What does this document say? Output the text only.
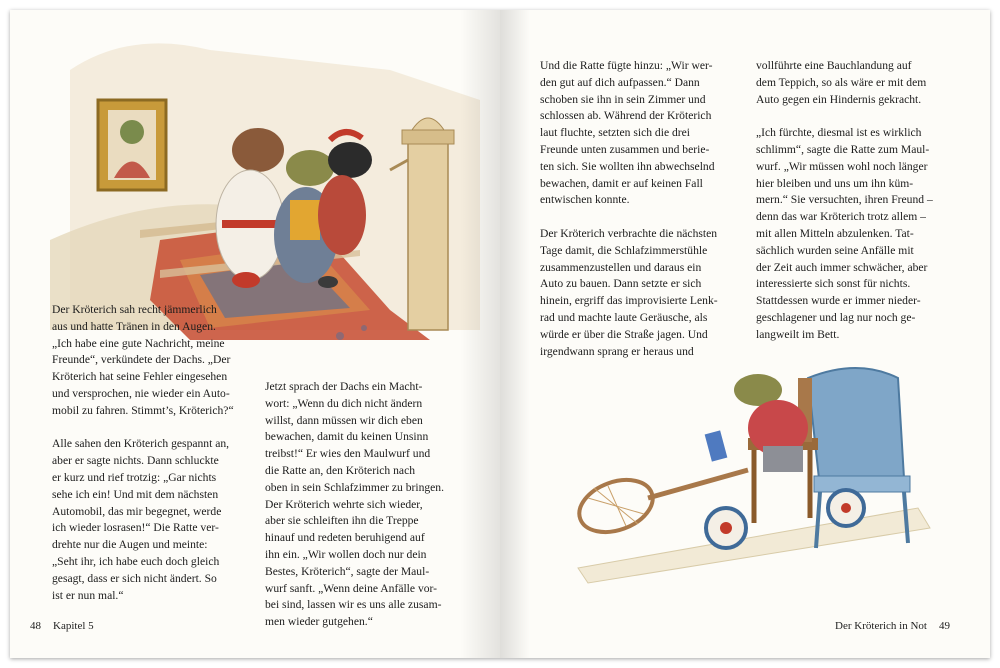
Der Kröterich sah recht jämmerlich
aus und hatte Tränen in den Augen.
„Ich habe eine gute Nachricht, meine
Freunde“, verkündete der Dachs. „Der
Kröterich hat seine Fehler eingesehen
und versprochen, nie wieder ein Auto-
mobil zu fahren. Stimmt’s, Kröterich?“

Alle sahen den Kröterich gespannt an,
aber er sagte nichts. Dann schluckte
er kurz und rief trotzig: „Gar nichts
sehe ich ein! Und mit dem nächsten
Automobil, das mir begegnet, werde
ich wieder losrasen!“ Die Ratte ver-
drehte nur die Augen und meinte:
„Seht ihr, ich habe euch doch gleich
gesagt, dass er sich nicht ändert. So
ist er nun mal.“

Jetzt sprach der Dachs ein Macht-
wort: „Wenn du dich nicht ändern
willst, dann müssen wir dich eben
bewachen, damit du keinen Unsinn
treibst!“ Er wies den Maulwurf und
die Ratte an, den Kröterich nach
oben in sein Schlafzimmer zu bringen.
Der Kröterich wehrte sich wieder,
aber sie schleiften ihn die Treppe
hinauf und redeten beruhigend auf
ihn ein. „Wir wollen doch nur dein
Bestes, Kröterich“, sagte der Maul-
wurf sanft. „Wenn deine Anfälle vor-
bei sind, lassen wir es uns alle zusam-
men wieder gutgehen.“

48 Kapitel 5

Und die Ratte fügte hinzu: „Wir wer-
den gut auf dich aufpassen.“ Dann
schoben sie ihn in sein Zimmer und
schlossen ab. Während der Kröterich
laut fluchte, setzten sich die drei
Freunde unten zusammen und berie-
ten sich. Sie wollten ihn abwechselnd
bewachen, damit er auf keinen Fall
entwischen konnte.

Der Kröterich verbrachte die nächsten
Tage damit, die Schlafzimmerstühle
zusammenzustellen und daraus ein
Auto zu bauen. Dann setzte er sich
hinein, ergriff das improvisierte Lenk-
rad und machte laute Geräusche, als
würde er über die Straße jagen. Und
irgendwann sprang er heraus und

vollführte eine Bauchlandung auf
dem Teppich, so als wäre er mit dem
Auto gegen ein Hindernis gekracht.

„Ich fürchte, diesmal ist es wirklich
schlimm“, sagte die Ratte zum Maul-
wurf. „Wir müssen wohl noch länger
hier bleiben und uns um ihn küm-
mern.“ Sie versuchten, ihren Freund –
denn das war Kröterich trotz allem –
mit allen Mitteln abzulenken. Tat-
sächlich wurden seine Anfälle mit
der Zeit auch immer schwächer, aber
interessierte sich sonst für nichts.
Stattdessen wurde er immer nieder-
geschlagener und lag nur noch ge-
langweilt im Bett.

Der Kröterich in Not 49
